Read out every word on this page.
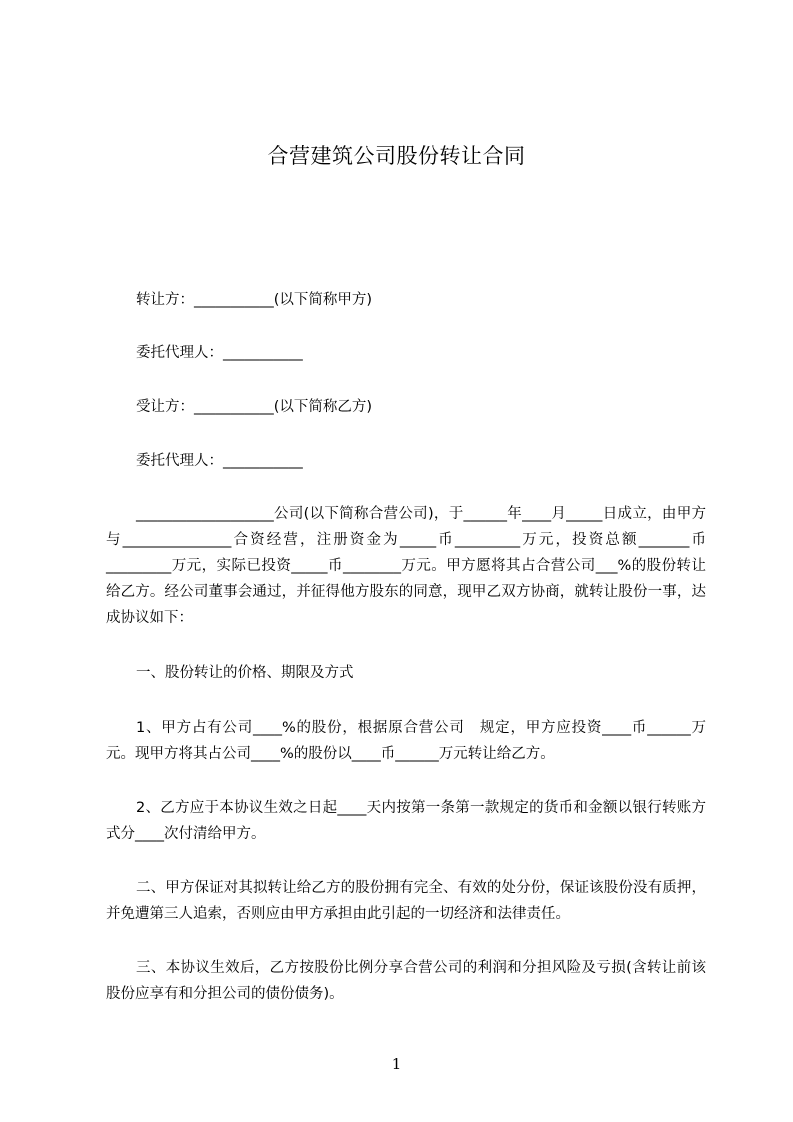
合营建筑公司股份转让合同
转让方：___________(以下简称甲方)
委托代理人：___________
受让方：___________(以下简称乙方)
委托代理人：___________
___________________公司(以下简称合营公司)，于______年____月_____日成立，由甲方与_______________合资经营，注册资金为_____币_________万元，投资总额_______币_________万元，实际已投资_____币________万元。甲方愿将其占合营公司___%的股份转让给乙方。经公司董事会通过，并征得他方股东的同意，现甲乙双方协商，就转让股份一事，达成协议如下：
一、股份转让的价格、期限及方式
1、甲方占有公司____%的股份，根据原合营公司　规定，甲方应投资____币______万元。现甲方将其占公司____%的股份以____币______万元转让给乙方。
2、乙方应于本协议生效之日起____天内按第一条第一款规定的货币和金额以银行转账方式分____次付清给甲方。
二、甲方保证对其拟转让给乙方的股份拥有完全、有效的处分份，保证该股份没有质押，并免遭第三人追索，否则应由甲方承担由此引起的一切经济和法律责任。
三、本协议生效后，乙方按股份比例分享合营公司的利润和分担风险及亏损(含转让前该股份应享有和分担公司的债份债务)。
1
